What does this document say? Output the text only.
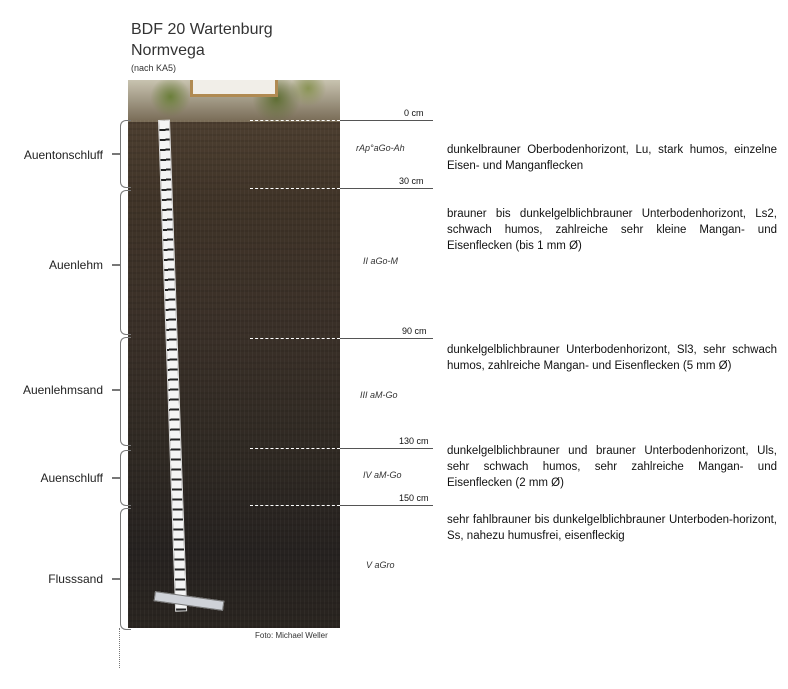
BDF 20 Wartenburg
Normvega
(nach KA5)
Foto: Michael Weller
Auentonschluff
Auenlehm
Auenlehmsand
Auenschluff
Flusssand
0 cm
30 cm
90 cm
130 cm
150 cm
rAp°aGo-Ah
II aGo-M
III aM-Go
IV aM-Go
V aGro
dunkelbrauner Oberbodenhorizont, Lu, stark humos, einzelne Eisen- und Manganflecken
brauner bis dunkelgelblichbrauner Unterbodenhorizont, Ls2, schwach humos, zahlreiche sehr kleine Mangan- und Eisenflecken (bis 1 mm Ø)
dunkelgelblichbrauner Unterbodenhorizont, Sl3, sehr schwach humos, zahlreiche Mangan- und Eisenflecken (5 mm Ø)
dunkelgelblichbrauner und brauner Unterbodenhorizont, Uls, sehr schwach humos, sehr zahlreiche Mangan- und Eisenflecken (2 mm Ø)
sehr fahlbrauner bis dunkelgelblichbrauner Unterboden-horizont, Ss, nahezu humusfrei, eisenfleckig
